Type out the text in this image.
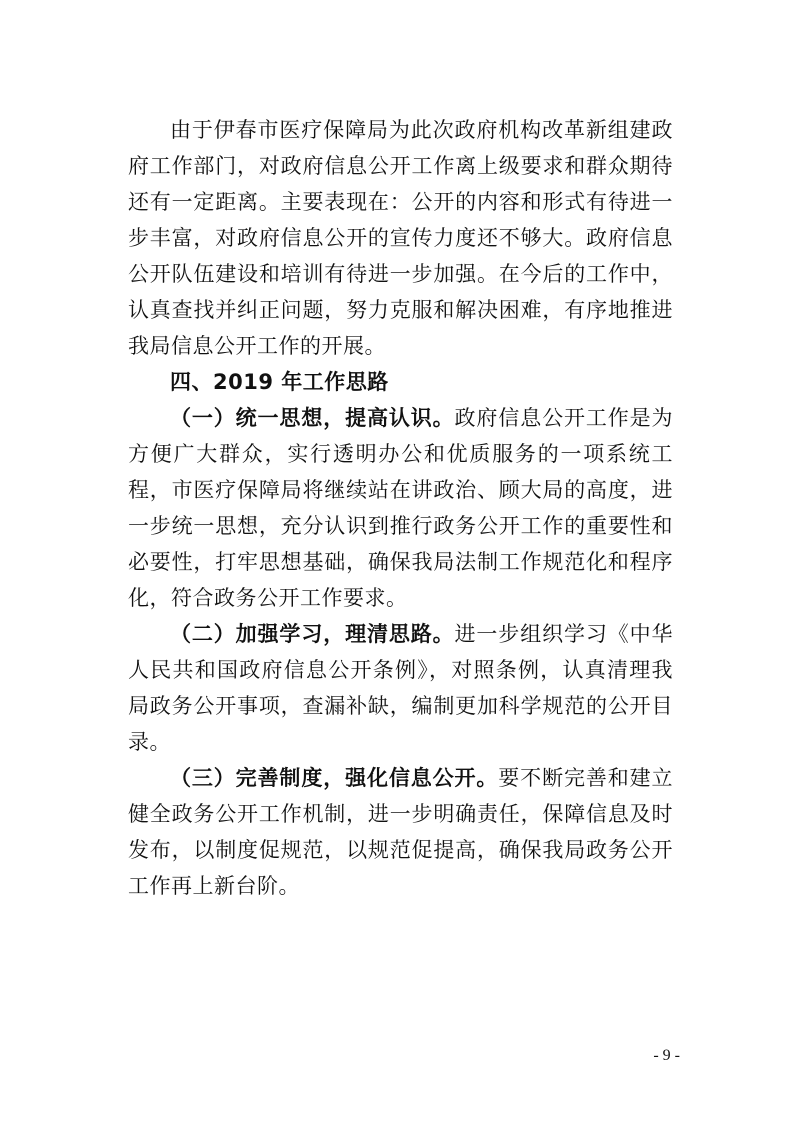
由于伊春市医疗保障局为此次政府机构改革新组建政府工作部门，对政府信息公开工作离上级要求和群众期待还有一定距离。主要表现在：公开的内容和形式有待进一步丰富，对政府信息公开的宣传力度还不够大。政府信息公开队伍建设和培训有待进一步加强。在今后的工作中，认真查找并纠正问题，努力克服和解决困难，有序地推进我局信息公开工作的开展。

四、2019 年工作思路

（一）统一思想，提高认识。政府信息公开工作是为方便广大群众，实行透明办公和优质服务的一项系统工程，市医疗保障局将继续站在讲政治、顾大局的高度，进一步统一思想，充分认识到推行政务公开工作的重要性和必要性，打牢思想基础，确保我局法制工作规范化和程序化，符合政务公开工作要求。

（二）加强学习，理清思路。进一步组织学习《中华人民共和国政府信息公开条例》，对照条例，认真清理我局政务公开事项，查漏补缺，编制更加科学规范的公开目录。

（三）完善制度，强化信息公开。要不断完善和建立健全政务公开工作机制，进一步明确责任，保障信息及时发布，以制度促规范，以规范促提高，确保我局政务公开工作再上新台阶。

- 9 -
